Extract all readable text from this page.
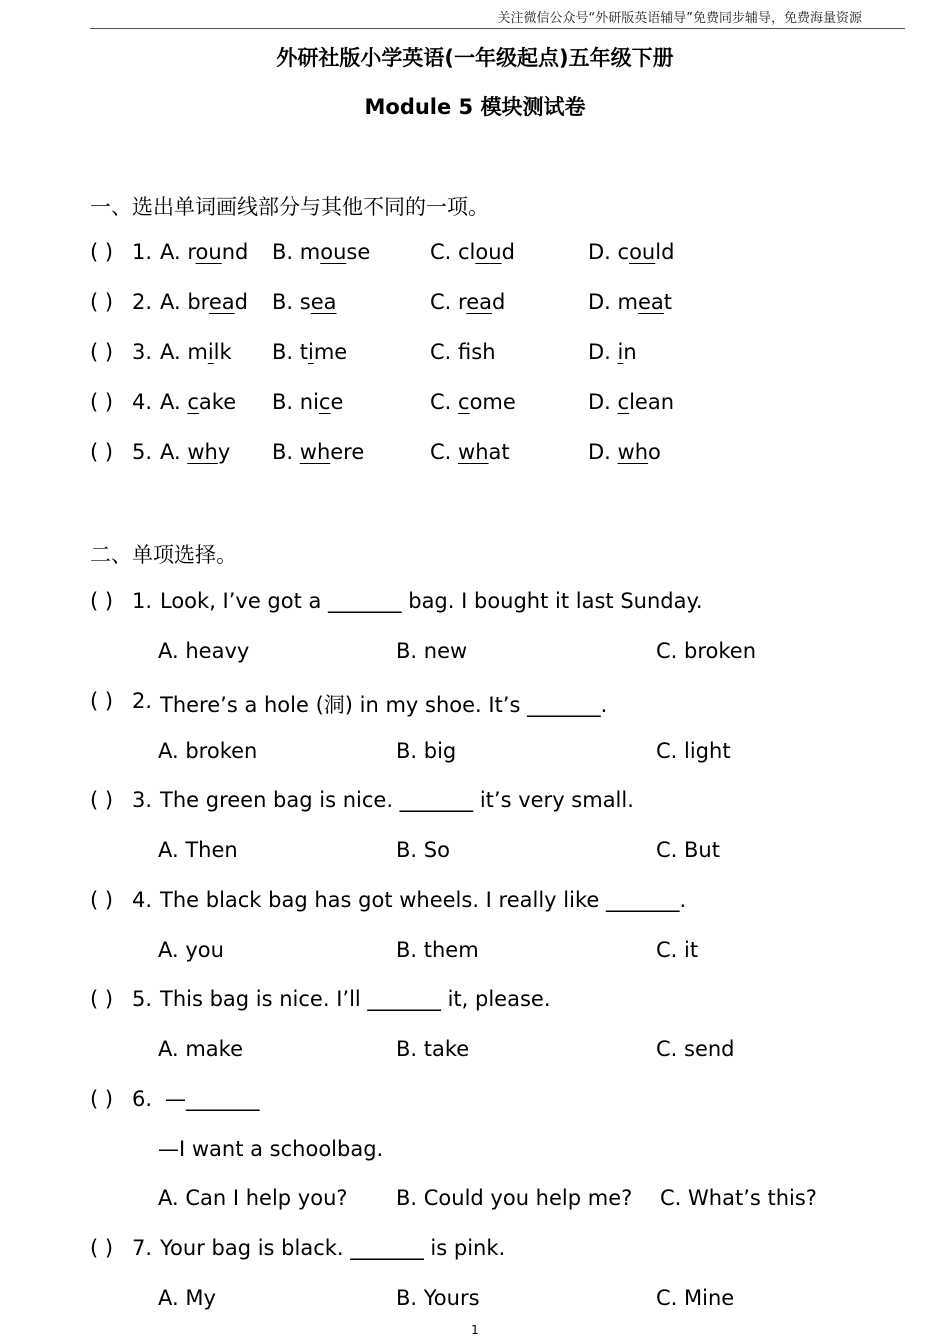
关注微信公众号“外研版英语辅导”免费同步辅导，免费海量资源
外研社版小学英语(一年级起点)五年级下册
Module 5 模块测试卷
一、选出单词画线部分与其他不同的一项。
( ) 1. A. round B. mouse	C. cloud	D. could
( ) 2. A. bread B. sea	C. read	D. meat
( ) 3. A. milk B. time	C. fsh	D. in
( ) 4. A. cake B. nice	C. come	D. clean
( ) 5. A. why B. where	C. what	D. who
二、单项选择。
( ) 1. Look, I’ve got a _______ bag. I bought it last Sunday.
A. heavy	B. new	C. broken
( ) 2. There’s a hole (洞) in my shoe. It’s _______.
A. broken	B. big	C. light
( ) 3. The green bag is nice. _______ it’s very small.
A. Then	B. So	C. But
( ) 4. The black bag has got wheels. I really like _______.
A. you	B. them	C. it
( ) 5. This bag is nice. I’ll _______ it, please.
A. make	B. take	C. send
( ) 6. —_______
—I want a schoolbag.
A. Can I help you? B. Could you help me? C. What’s this?
( ) 7. Your bag is black. _______ is pink.
A. My	B. Yours	C. Mine
1
